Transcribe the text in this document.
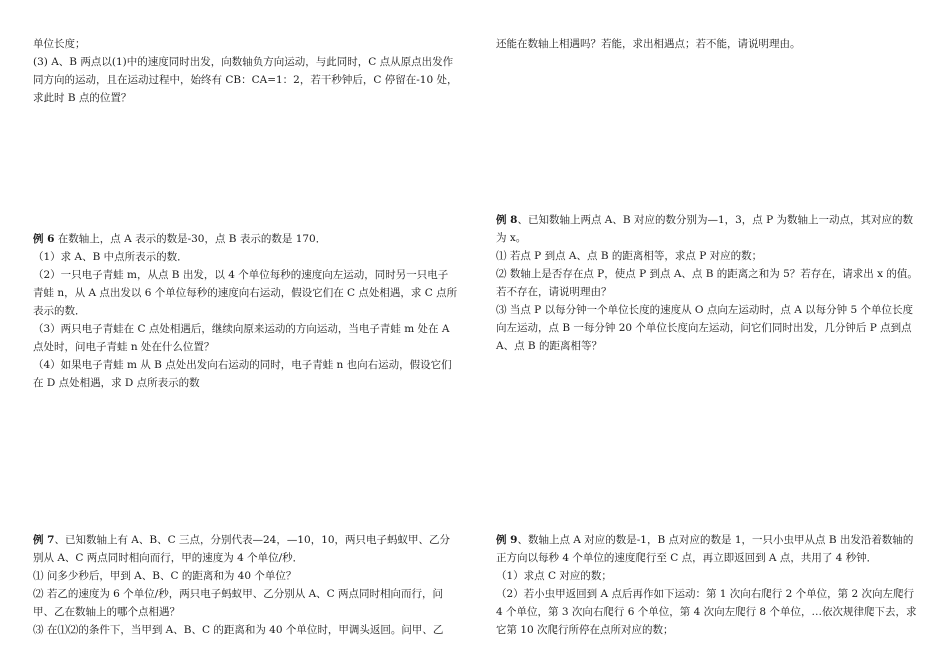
单位长度；

(3) A、B 两点以(1)中的速度同时出发，向数轴负方向运动，与此同时，C 点从原点出发作同方向的运动，且在运动过程中，始终有 CB：CA=1：2，若干秒钟后，C 停留在-10 处，求此时 B 点的位置？

例 6 在数轴上，点 A 表示的数是-30，点 B 表示的数是 170．

（1）求 A、B 中点所表示的数．

（2）一只电子青蛙 m，从点 B 出发，以 4 个单位每秒的速度向左运动，同时另一只电子青蛙 n，从 A 点出发以 6 个单位每秒的速度向右运动，假设它们在 C 点处相遇，求 C 点所表示的数．

（3）两只电子青蛙在 C 点处相遇后，继续向原来运动的方向运动，当电子青蛙 m 处在 A 点处时，问电子青蛙 n 处在什么位置？

（4）如果电子青蛙 m 从 B 点处出发向右运动的同时，电子青蛙 n 也向右运动，假设它们在 D 点处相遇，求 D 点所表示的数

例 7、已知数轴上有 A、B、C 三点，分别代表—24，—10，10，两只电子蚂蚁甲、乙分别从 A、C 两点同时相向而行，甲的速度为 4 个单位/秒．

⑴ 问多少秒后，甲到 A、B、C 的距离和为 40 个单位？

⑵ 若乙的速度为 6 个单位/秒，两只电子蚂蚁甲、乙分别从 A、C 两点同时相向而行，问甲、乙在数轴上的哪个点相遇？

⑶ 在⑴⑵的条件下，当甲到 A、B、C 的距离和为 40 个单位时，甲调头返回。问甲、乙

还能在数轴上相遇吗？若能，求出相遇点；若不能，请说明理由。

例 8、已知数轴上两点 A、B 对应的数分别为—1，3，点 P 为数轴上一动点，其对应的数为 x。

⑴ 若点 P 到点 A、点 B 的距离相等，求点 P 对应的数；

⑵ 数轴上是否存在点 P，使点 P 到点 A、点 B 的距离之和为 5？若存在，请求出 x 的值。若不存在，请说明理由？

⑶ 当点 P 以每分钟一个单位长度的速度从 O 点向左运动时，点 A 以每分钟 5 个单位长度向左运动，点 B 一每分钟 20 个单位长度向左运动，问它们同时出发，几分钟后 P 点到点 A、点 B 的距离相等？

例 9、数轴上点 A 对应的数是-1，B 点对应的数是 1，一只小虫甲从点 B 出发沿着数轴的正方向以每秒 4 个单位的速度爬行至 C 点，再立即返回到 A 点，共用了 4 秒钟．

（1）求点 C 对应的数；

（2）若小虫甲返回到 A 点后再作如下运动：第 1 次向右爬行 2 个单位，第 2 次向左爬行 4 个单位，第 3 次向右爬行 6 个单位，第 4 次向左爬行 8 个单位，…依次规律爬下去，求它第 10 次爬行所停在点所对应的数；
